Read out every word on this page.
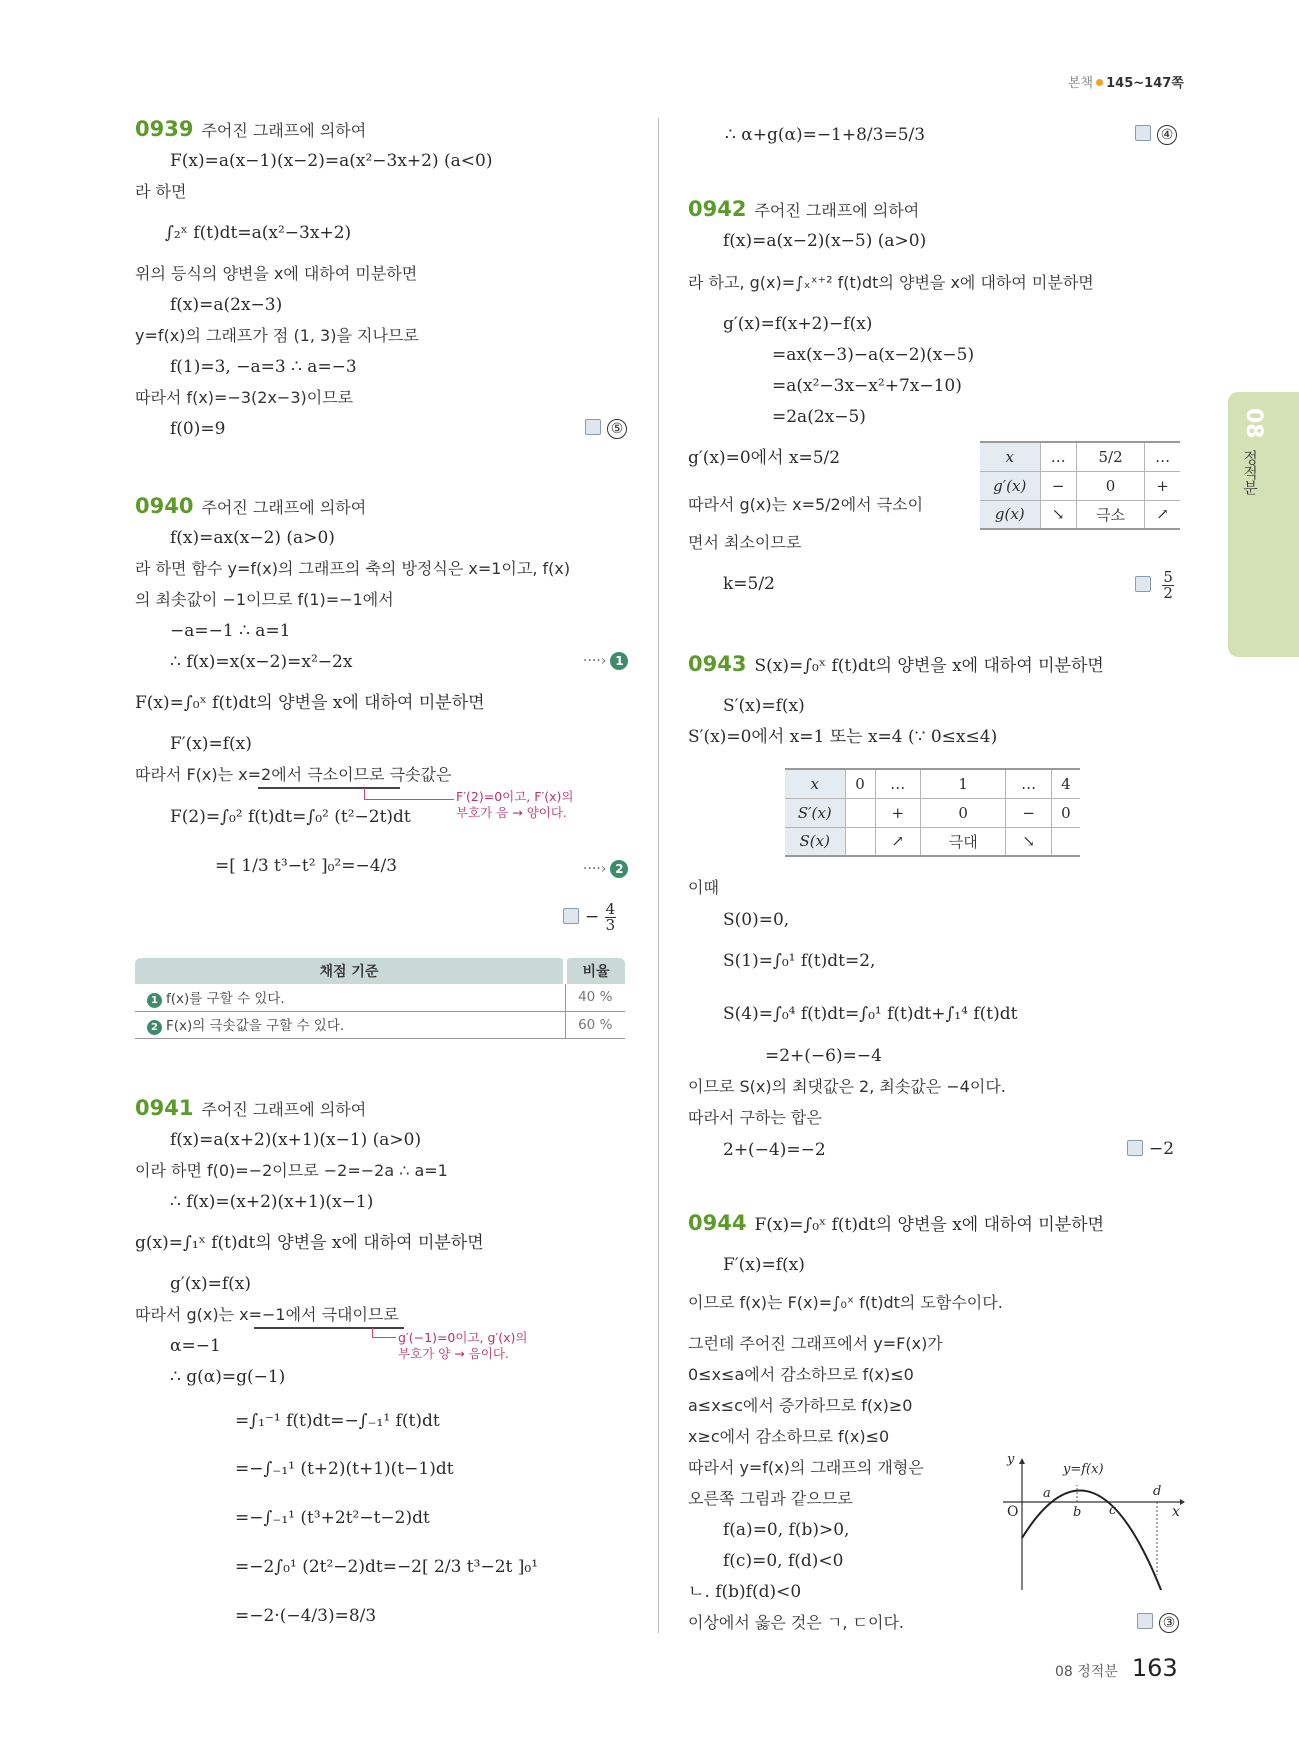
본책 145~147쪽
08
정적분
0939 주어진 그래프에 의하여
F(x)=a(x−1)(x−2)=a(x²−3x+2) (a<0)
라 하면
∫₂ˣ f(t)dt=a(x²−3x+2)
위의 등식의 양변을 x에 대하여 미분하면
f(x)=a(2x−3)
y=f(x)의 그래프가 점 (1, 3)을 지나므로
f(1)=3, −a=3 ∴ a=−3
따라서 f(x)=−3(2x−3)이므로
f(0)=9	⑤
0940 주어진 그래프에 의하여
f(x)=ax(x−2) (a>0)
라 하면 함수 y=f(x)의 그래프의 축의 방정식은 x=1이고, f(x)
의 최솟값이 −1이므로 f(1)=−1에서
−a=−1 ∴ a=1
∴ f(x)=x(x−2)=x²−2x	····› 1
F(x)=∫₀ˣ f(t)dt의 양변을 x에 대하여 미분하면
F′(x)=f(x)
따라서 F(x)는 x=2에서 극소이므로 극솟값은
F′(2)=0이고, F′(x)의
부호가 음 → 양이다.
F(2)=∫₀² f(t)dt=∫₀² (t²−2t)dt
=[ 1/3 t³−t² ]₀²=−4/3	····› 2
− $\frac{4}{3}$
채점 기준	비율
1 f(x)를 구할 수 있다.	40 %
2 F(x)의 극솟값을 구할 수 있다.	60 %
0941 주어진 그래프에 의하여
f(x)=a(x+2)(x+1)(x−1) (a>0)
이라 하면 f(0)=−2이므로 −2=−2a ∴ a=1
∴ f(x)=(x+2)(x+1)(x−1)
g(x)=∫₁ˣ f(t)dt의 양변을 x에 대하여 미분하면
g′(x)=f(x)
따라서 g(x)는 x=−1에서 극대이므로
g′(−1)=0이고, g′(x)의
부호가 양 → 음이다.
α=−1
∴ g(α)=g(−1)
=∫₁⁻¹ f(t)dt=−∫₋₁¹ f(t)dt
=−∫₋₁¹ (t+2)(t+1)(t−1)dt
=−∫₋₁¹ (t³+2t²−t−2)dt
=−2∫₀¹ (2t²−2)dt=−2[ 2/3 t³−2t ]₀¹
=−2·(−4/3)=8/3
∴ α+g(α)=−1+8/3=5/3	④
0942 주어진 그래프에 의하여
f(x)=a(x−2)(x−5) (a>0)
라 하고, g(x)=∫ₓˣ⁺² f(t)dt의 양변을 x에 대하여 미분하면
g′(x)=f(x+2)−f(x)
=ax(x−3)−a(x−2)(x−5)
=a(x²−3x−x²+7x−10)
=2a(2x−5)
g′(x)=0에서 x=5/2
따라서 g(x)는 x=5/2에서 극소이
면서 최소이므로
k=5/2
	$\frac{5}{2}$
x	…	5/2	…
g′(x)	−	0	+
g(x)	↘	극소	↗
0943 S(x)=∫₀ˣ f(t)dt의 양변을 x에 대하여 미분하면
S′(x)=f(x)
S′(x)=0에서 x=1 또는 x=4 (∵ 0≤x≤4)
x	0	…	1	…	4
S′(x)		+	0	−	0
S(x)		↗	극대	↘	
이때
S(0)=0,
S(1)=∫₀¹ f(t)dt=2,
S(4)=∫₀⁴ f(t)dt=∫₀¹ f(t)dt+∫₁⁴ f(t)dt
=2+(−6)=−4
이므로 S(x)의 최댓값은 2, 최솟값은 −4이다.
따라서 구하는 합은
2+(−4)=−2	−2
0944 F(x)=∫₀ˣ f(t)dt의 양변을 x에 대하여 미분하면
F′(x)=f(x)
이므로 f(x)는 F(x)=∫₀ˣ f(t)dt의 도함수이다.
그런데 주어진 그래프에서 y=F(x)가
0≤x≤a에서 감소하므로 f(x)≤0
a≤x≤c에서 증가하므로 f(x)≥0
x≥c에서 감소하므로 f(x)≤0
따라서 y=f(x)의 그래프의 개형은
오른쪽 그림과 같으므로
f(a)=0, f(b)>0,
f(c)=0, f(d)<0
ㄴ. f(b)f(d)<0
이상에서 옳은 것은 ㄱ, ㄷ이다.	③
y
x
O
y=f(x)
a
b c
d
08 정적분 163
